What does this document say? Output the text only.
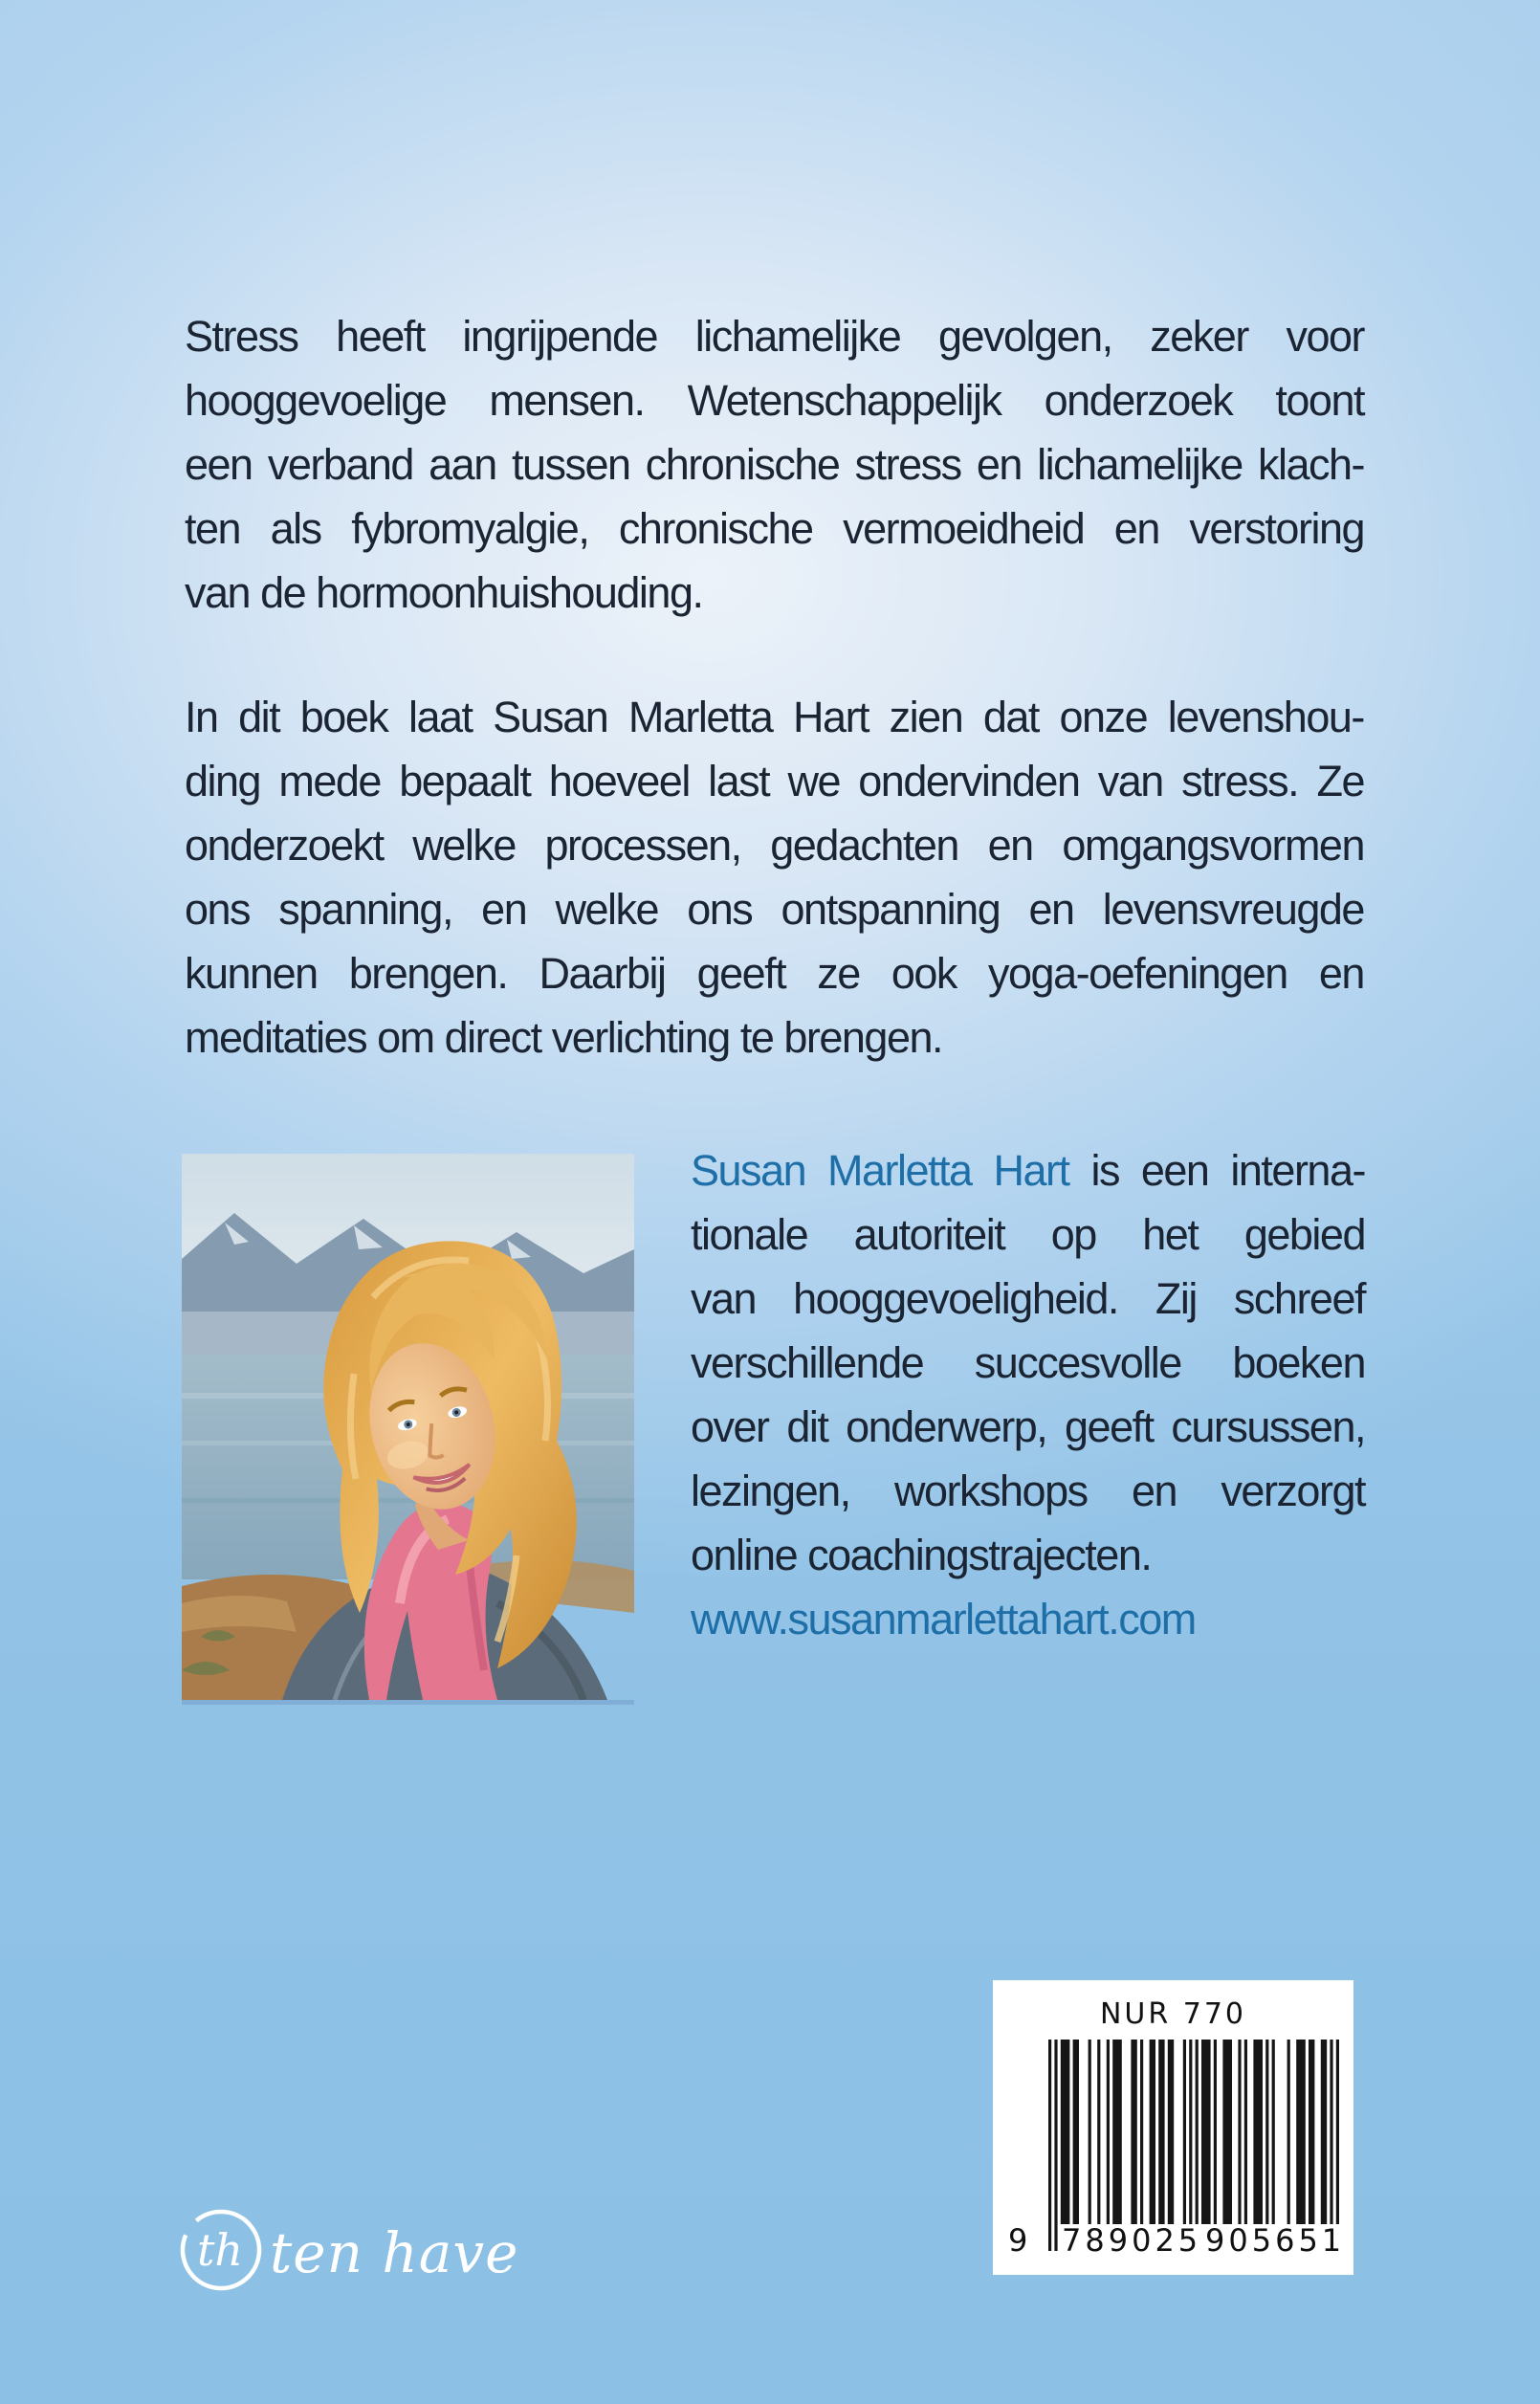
Stress heeft ingrijpende lichamelijke gevolgen, zeker voor
hooggevoelige mensen. Wetenschappelijk onderzoek toont
een verband aan tussen chronische stress en lichamelijke klach-
ten als fybromyalgie, chronische vermoeidheid en verstoring
van de hormoonhuishouding.
In dit boek laat Susan Marletta Hart zien dat onze levenshou-
ding mede bepaalt hoeveel last we ondervinden van stress. Ze
onderzoekt welke processen, gedachten en omgangsvormen
ons spanning, en welke ons ontspanning en levensvreugde
kunnen brengen. Daarbij geeft ze ook yoga-oefeningen en
meditaties om direct verlichting te brengen.
Susan Marletta Hart is een interna-
tionale autoriteit op het gebied
van hooggevoeligheid. Zij schreef
verschillende succesvolle boeken
over dit onderwerp, geeft cursussen,
lezingen, workshops en verzorgt
online coachingstrajecten.
www.susanmarlettahart.com
NUR 770
9 789025 905651
th ten have
